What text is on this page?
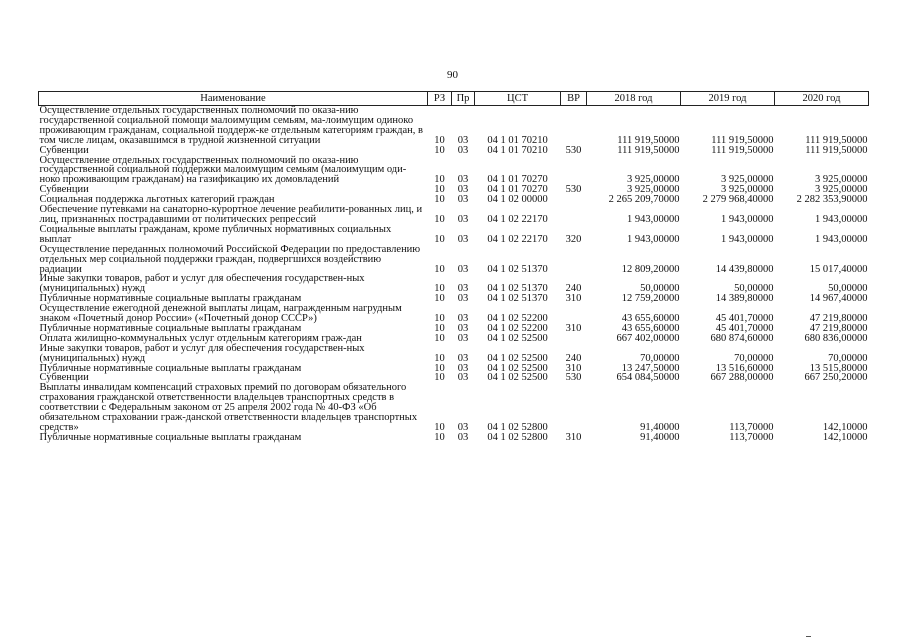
90
Наименование	РЗ	Пр	ЦСТ	ВР	2018 год	2019 год	2020 год
Осуществление отдельных государственных полномочий по оказа-нию государственной социальной помощи малоимущим семьям, ма-лоимущим одиноко проживающим гражданам, социальной поддерж-ке отдельным категориям граждан, в том числе лицам, оказавшимся в трудной жизненной ситуации	10	03	04 1 01 70210		111 919,50000	111 919,50000	111 919,50000
Субвенции	10	03	04 1 01 70210	530	111 919,50000	111 919,50000	111 919,50000
Осуществление отдельных государственных полномочий по оказа-нию государственной социальной поддержки малоимущим семьям (малоимущим оди-ноко проживающим гражданам) на газификацию их домовладений	10	03	04 1 01 70270		3 925,00000	3 925,00000	3 925,00000
Субвенции	10	03	04 1 01 70270	530	3 925,00000	3 925,00000	3 925,00000
Социальная поддержка льготных категорий граждан	10	03	04 1 02 00000		2 265 209,70000	2 279 968,40000	2 282 353,90000
Обеспечение путевками на санаторно-курортное лечение реабилити-рованных лиц, и лиц, признанных пострадавшими от политических репрессий	10	03	04 1 02 22170		1 943,00000	1 943,00000	1 943,00000
Социальные выплаты гражданам, кроме публичных нормативных социальных выплат	10	03	04 1 02 22170	320	1 943,00000	1 943,00000	1 943,00000
Осуществление переданных полномочий Российской Федерации по предоставлению отдельных мер социальной поддержки граждан, подвергшихся воздействию радиации	10	03	04 1 02 51370		12 809,20000	14 439,80000	15 017,40000
Иные закупки товаров, работ и услуг для обеспечения государствен-ных (муниципальных) нужд	10	03	04 1 02 51370	240	50,00000	50,00000	50,00000
Публичные нормативные социальные выплаты гражданам	10	03	04 1 02 51370	310	12 759,20000	14 389,80000	14 967,40000
Осуществление ежегодной денежной выплаты лицам, награжденным нагрудным знаком «Почетный донор России» («Почетный донор СССР»)	10	03	04 1 02 52200		43 655,60000	45 401,70000	47 219,80000
Публичные нормативные социальные выплаты гражданам	10	03	04 1 02 52200	310	43 655,60000	45 401,70000	47 219,80000
Оплата жилищно-коммунальных услуг отдельным категориям граж-дан	10	03	04 1 02 52500		667 402,00000	680 874,60000	680 836,00000
Иные закупки товаров, работ и услуг для обеспечения государствен-ных (муниципальных) нужд	10	03	04 1 02 52500	240	70,00000	70,00000	70,00000
Публичные нормативные социальные выплаты гражданам	10	03	04 1 02 52500	310	13 247,50000	13 516,60000	13 515,80000
Субвенции	10	03	04 1 02 52500	530	654 084,50000	667 288,00000	667 250,20000
Выплаты инвалидам компенсаций страховых премий по договорам обязательного страхования гражданской ответственности владельцев транспортных средств в соответствии с Федеральным законом от 25 апреля 2002 года № 40-ФЗ «Об обязательном страховании граж-данской ответственности владельцев транспортных средств»	10	03	04 1 02 52800		91,40000	113,70000	142,10000
Публичные нормативные социальные выплаты гражданам	10	03	04 1 02 52800	310	91,40000	113,70000	142,10000
